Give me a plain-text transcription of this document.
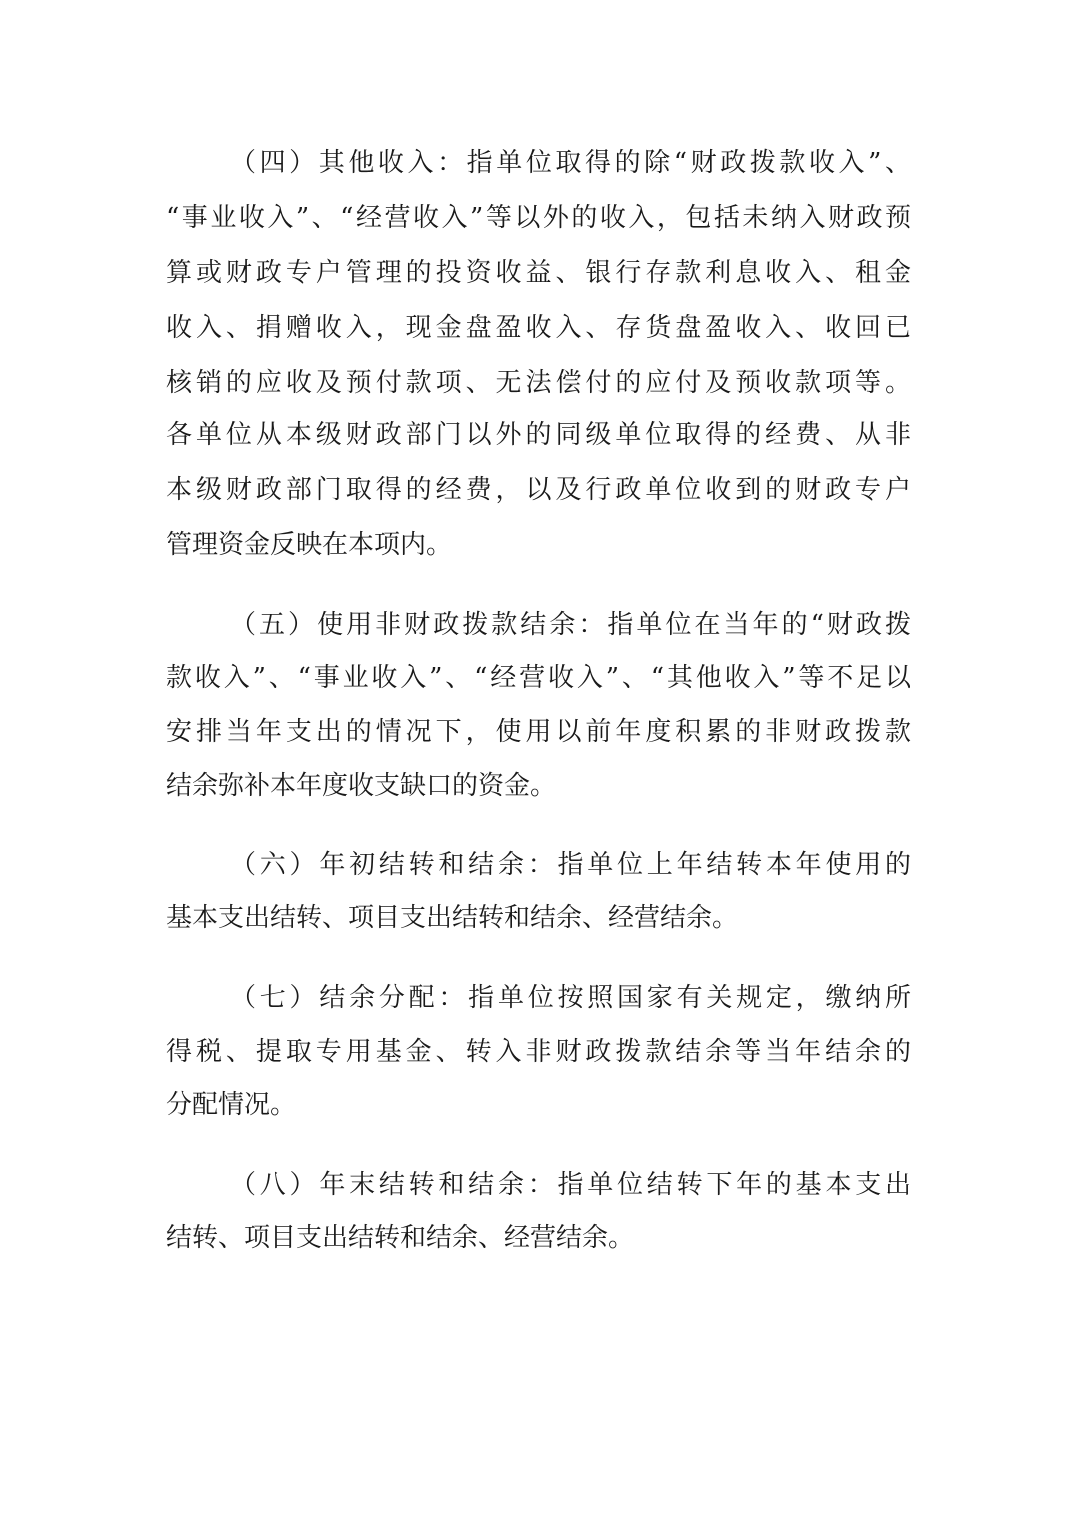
（四）其他收入：指单位取得的除“财政拨款收入”、

“事业收入”、“经营收入”等以外的收入，包括未纳入财政预

算或财政专户管理的投资收益、银行存款利息收入、租金

收入、捐赠收入，现金盘盈收入、存货盘盈收入、收回已

核销的应收及预付款项、无法偿付的应付及预收款项等。

各单位从本级财政部门以外的同级单位取得的经费、从非

本级财政部门取得的经费，以及行政单位收到的财政专户

管理资金反映在本项内。

（五）使用非财政拨款结余：指单位在当年的“财政拨

款收入”、“事业收入”、“经营收入”、“其他收入”等不足以

安排当年支出的情况下，使用以前年度积累的非财政拨款

结余弥补本年度收支缺口的资金。

（六）年初结转和结余：指单位上年结转本年使用的

基本支出结转、项目支出结转和结余、经营结余。

（七）结余分配：指单位按照国家有关规定，缴纳所

得税、提取专用基金、转入非财政拨款结余等当年结余的

分配情况。

（八）年末结转和结余：指单位结转下年的基本支出

结转、项目支出结转和结余、经营结余。
